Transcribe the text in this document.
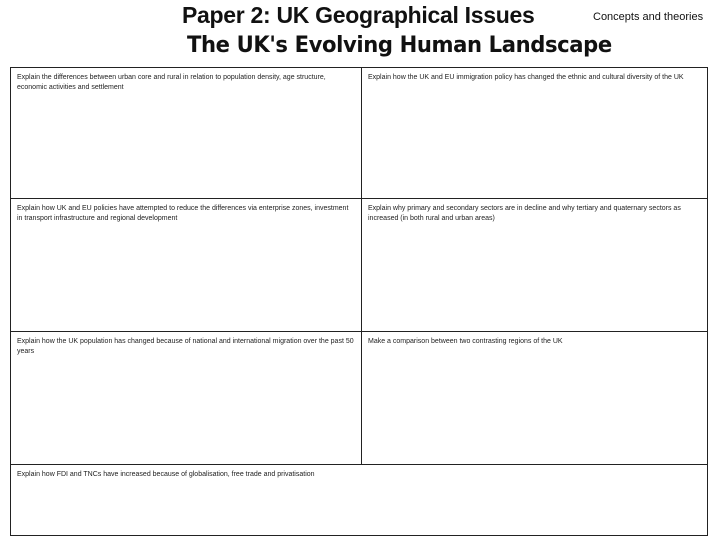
Paper 2: UK Geographical Issues
The UK's Evolving Human Landscape
Concepts and theories
Explain the differences between urban core and rural in relation to population density, age structure, economic activities and settlement
Explain how the UK and EU immigration policy has changed the ethnic and cultural diversity of the UK
Explain how UK and EU policies have attempted to reduce the differences via enterprise zones, investment in transport infrastructure and regional development
Explain why primary and secondary sectors are in decline and why tertiary and quaternary sectors as increased (in both rural and urban areas)
Explain how the UK population has changed because of national and international migration over the past 50 years
Make a comparison between two contrasting regions of the UK
Explain how FDI and TNCs have increased because of globalisation, free trade and privatisation
